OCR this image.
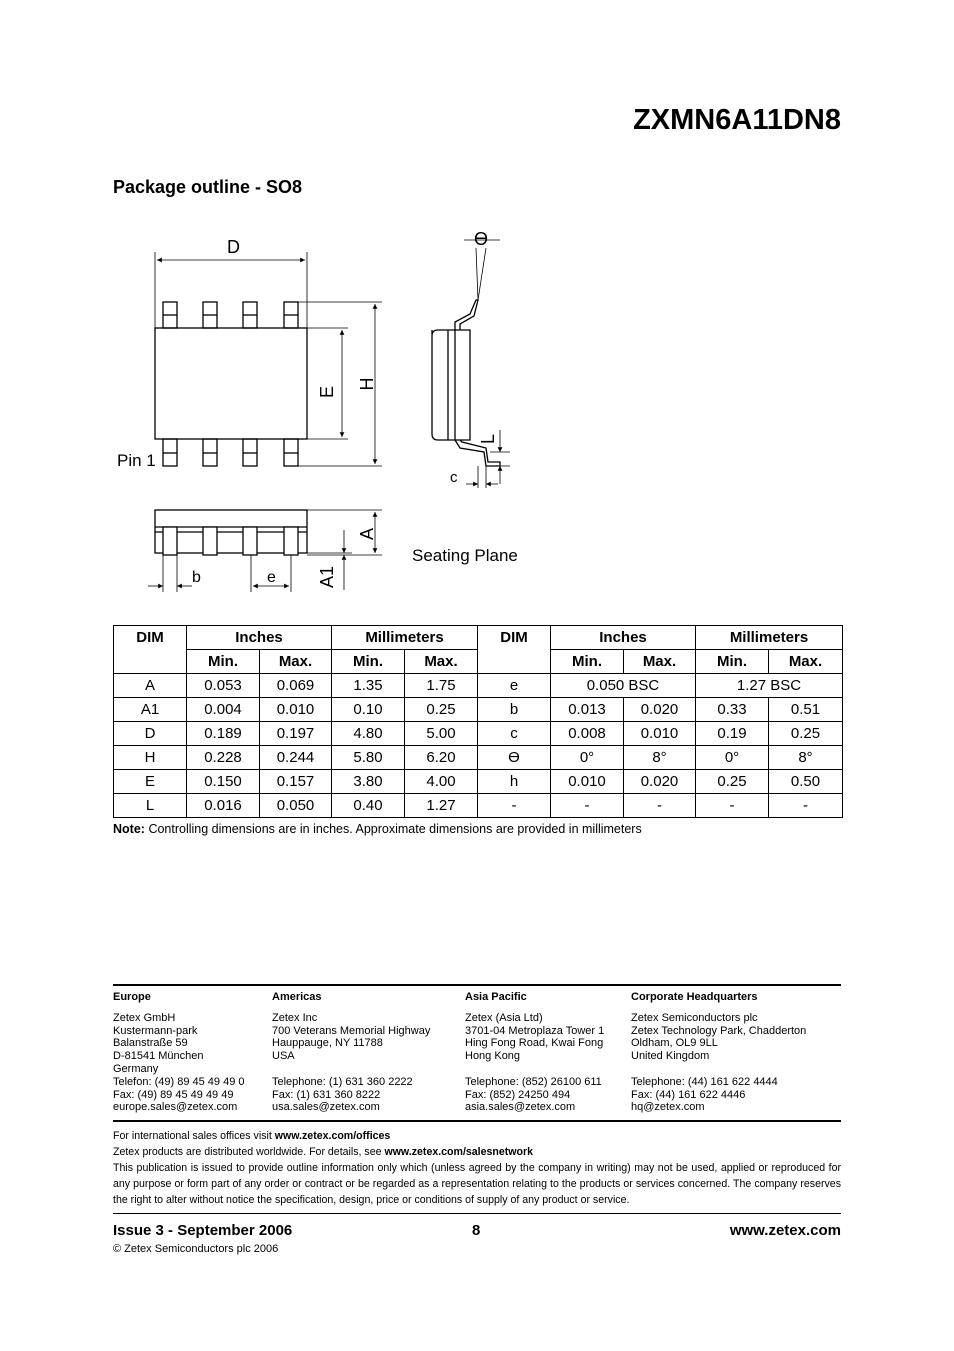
ZXMN6A11DN8
Package outline - SO8
D
E
H
A
A1
L
ϴ
Pin 1
Seating Plane
b	e
c
DIM	Inches		Millimeters		DIM	Inches		Millimeters	
	Min.	Max.	Min.	Max.		Min.	Max.	Min.	Max.
A	0.053	0.069	1.35	1.75	e	0.050 BSC		1.27 BSC	
A1	0.004	0.010	0.10	0.25	b	0.013	0.020	0.33	0.51
D	0.189	0.197	4.80	5.00	c	0.008	0.010	0.19	0.25
H	0.228	0.244	5.80	6.20	ϴ	0°	8°	0°	8°
E	0.150	0.157	3.80	4.00	h	0.010	0.020	0.25	0.50
L	0.016	0.050	0.40	1.27	-	-	-	-	-
Note: Controlling dimensions are in inches. Approximate dimensions are provided in millimeters
Europe
Zetex GmbH
Kustermann-park
Balanstraße 59
D-81541 München
Germany
Telefon: (49) 89 45 49 49 0
Fax: (49) 89 45 49 49 49
europe.sales@zetex.com
Americas
Zetex Inc
700 Veterans Memorial Highway
Hauppauge, NY 11788
USA

Telephone: (1) 631 360 2222
Fax: (1) 631 360 8222
usa.sales@zetex.com
Asia Pacific
Zetex (Asia Ltd)
3701-04 Metroplaza Tower 1
Hing Fong Road, Kwai Fong
Hong Kong

Telephone: (852) 26100 611
Fax: (852) 24250 494
asia.sales@zetex.com
Corporate Headquarters
Zetex Semiconductors plc
Zetex Technology Park, Chadderton
Oldham, OL9 9LL
United Kingdom

Telephone: (44) 161 622 4444
Fax: (44) 161 622 4446
hq@zetex.com

For international sales offices visit www.zetex.com/offices

Zetex products are distributed worldwide. For details, see www.zetex.com/salesnetwork

This publication is issued to provide outline information only which (unless agreed by the company in writing) may not be used, applied or reproduced for any purpose or form part of any order or contract or be regarded as a representation relating to the products or services concerned. The company reserves the right to alter without notice the specification, design, price or conditions of supply of any product or service.

Issue 3 - September 2006	8	www.zetex.com
© Zetex Semiconductors plc 2006
